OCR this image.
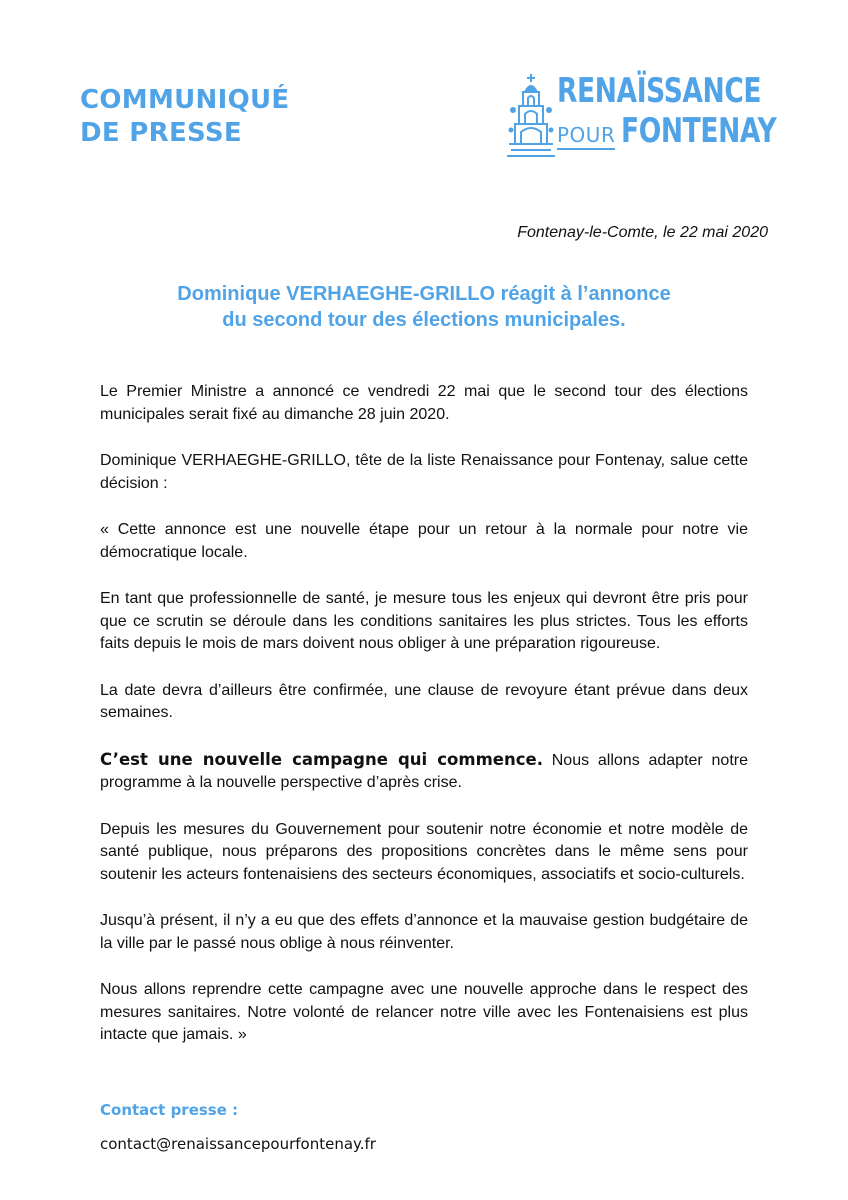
COMMUNIQUÉ
DE PRESSE
RENAÏSSANCE
POUR FONTENAY
Fontenay-le-Comte, le 22 mai 2020
Dominique VERHAEGHE-GRILLO réagit à l’annonce
du second tour des élections municipales.

Le Premier Ministre a annoncé ce vendredi 22 mai que le second tour des élections municipales serait fixé au dimanche 28 juin 2020.

Dominique VERHAEGHE-GRILLO, tête de la liste Renaissance pour Fontenay, salue cette décision :

« Cette annonce est une nouvelle étape pour un retour à la normale pour notre vie démocratique locale.

En tant que professionnelle de santé, je mesure tous les enjeux qui devront être pris pour que ce scrutin se déroule dans les conditions sanitaires les plus strictes. Tous les efforts faits depuis le mois de mars doivent nous obliger à une préparation rigoureuse.

La date devra d’ailleurs être confirmée, une clause de revoyure étant prévue dans deux semaines.

C’est une nouvelle campagne qui commence. Nous allons adapter notre programme à la nouvelle perspective d’après crise.

Depuis les mesures du Gouvernement pour soutenir notre économie et notre modèle de santé publique, nous préparons des propositions concrètes dans le même sens pour soutenir les acteurs fontenaisiens des secteurs économiques, associatifs et socio-culturels.

Jusqu’à présent, il n’y a eu que des effets d’annonce et la mauvaise gestion budgétaire de la ville par le passé nous oblige à nous réinventer.

Nous allons reprendre cette campagne avec une nouvelle approche dans le respect des mesures sanitaires. Notre volonté de relancer notre ville avec les Fontenaisiens est plus intacte que jamais. »

Contact presse :
contact@renaissancepourfontenay.fr
